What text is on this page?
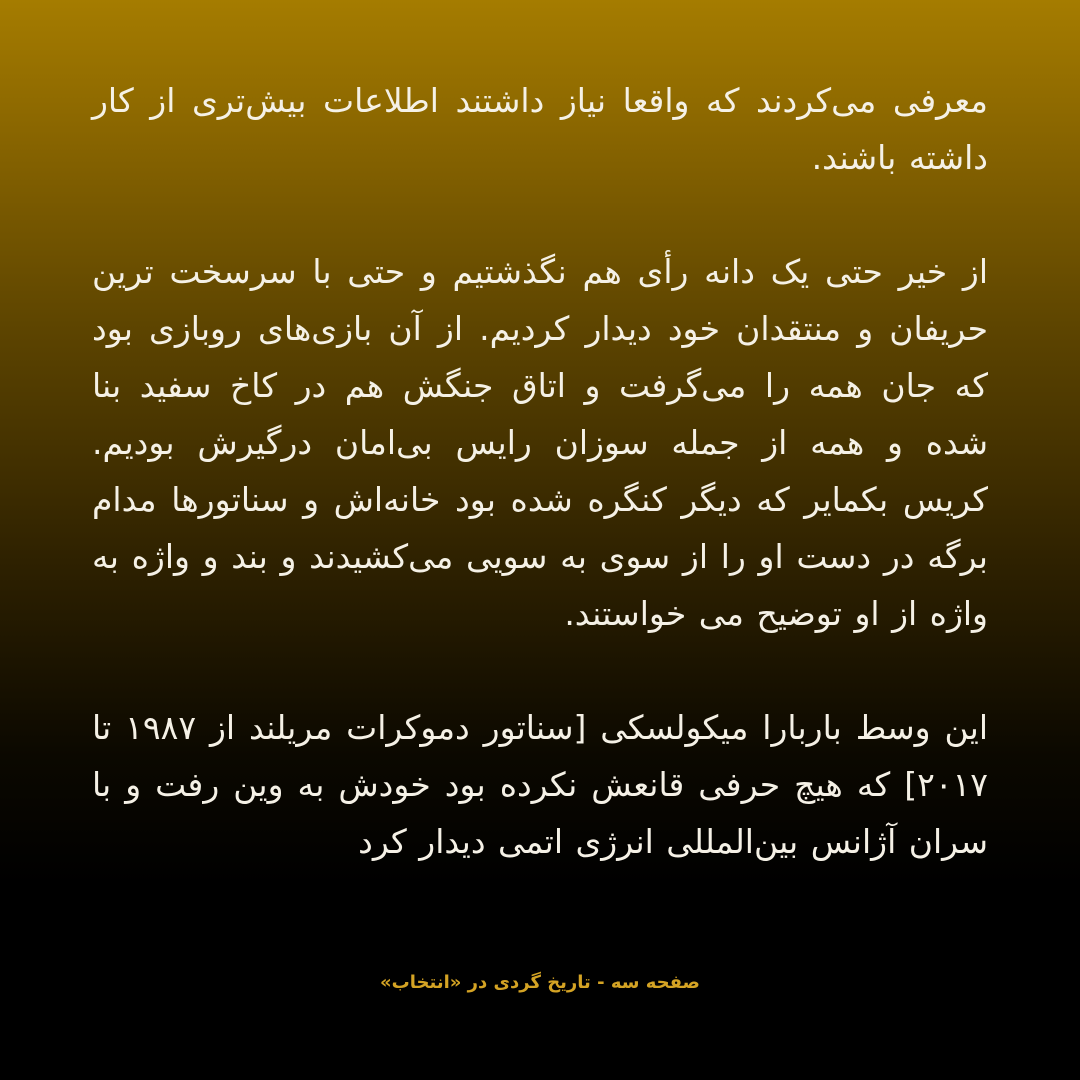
معرفی می‌کردند که واقعا نیاز داشتند اطلاعات بیش‌تری از کار داشته باشند.

از خیر حتی یک دانه رأی هم نگذشتیم و حتی با سرسخت ترین حریفان و منتقدان خود دیدار کردیم. از آن بازی‌های روبازی بود که جان همه را می‌گرفت و اتاق جنگش هم در کاخ سفید بنا شده و همه از جمله سوزان رایس بی‌امان درگیرش بودیم. کریس بکمایر که دیگر کنگره شده بود خانه‌اش و سناتورها مدام برگه در دست او را از سوی به سویی می‌کشیدند و بند و واژه به واژه از او توضیح می خواستند.

این وسط باربارا میکولسکی [سناتور دموکرات مریلند از ۱۹۸۷ تا ۲۰۱۷] که هیچ حرفی قانعش نکرده بود خودش به وین رفت و با سران آژانس بین‌المللی انرژی اتمی دیدار کرد

صفحه سه - تاریخ گردی در «انتخاب»
